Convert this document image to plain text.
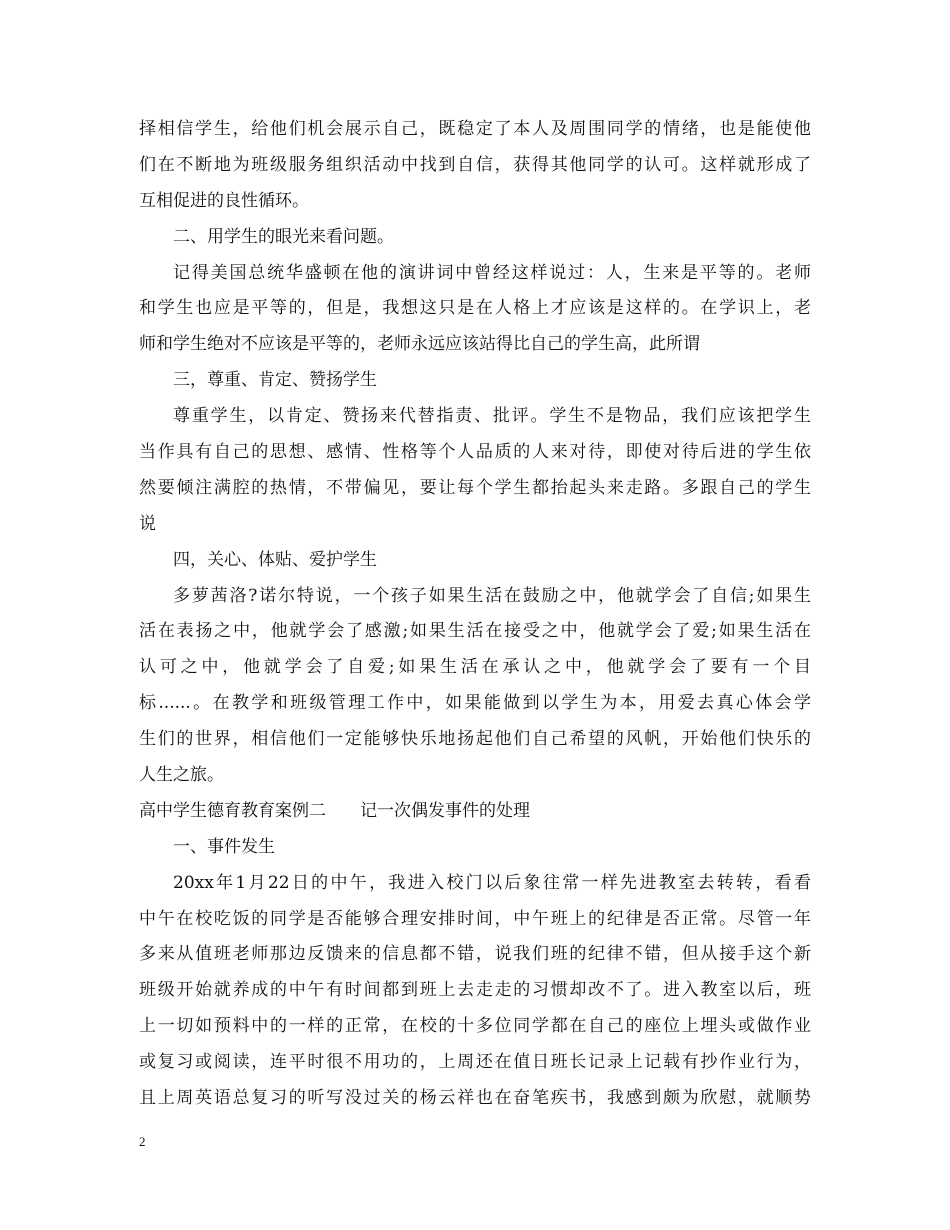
择相信学生，给他们机会展示自己，既稳定了本人及周围同学的情绪，也是能使他
们在不断地为班级服务组织活动中找到自信，获得其他同学的认可。这样就形成了
互相促进的良性循环。
二、用学生的眼光来看问题。
记得美国总统华盛顿在他的演讲词中曾经这样说过：人，生来是平等的。老师
和学生也应是平等的，但是，我想这只是在人格上才应该是这样的。在学识上，老
师和学生绝对不应该是平等的，老师永远应该站得比自己的学生高，此所谓
三，尊重、肯定、赞扬学生
尊重学生，以肯定、赞扬来代替指责、批评。学生不是物品，我们应该把学生
当作具有自己的思想、感情、性格等个人品质的人来对待，即使对待后进的学生依
然要倾注满腔的热情，不带偏见，要让每个学生都抬起头来走路。多跟自己的学生
说
四，关心、体贴、爱护学生
多萝茜洛?诺尔特说，一个孩子如果生活在鼓励之中，他就学会了自信;如果生
活在表扬之中，他就学会了感激;如果生活在接受之中，他就学会了爱;如果生活在
认可之中，他就学会了自爱;如果生活在承认之中，他就学会了要有一个目
标......。在教学和班级管理工作中，如果能做到以学生为本，用爱去真心体会学
生们的世界，相信他们一定能够快乐地扬起他们自己希望的风帆，开始他们快乐的
人生之旅。
高中学生德育教育案例二　　记一次偶发事件的处理
一、事件发生
20xx年1月22日的中午，我进入校门以后象往常一样先进教室去转转，看看
中午在校吃饭的同学是否能够合理安排时间，中午班上的纪律是否正常。尽管一年
多来从值班老师那边反馈来的信息都不错，说我们班的纪律不错，但从接手这个新
班级开始就养成的中午有时间都到班上去走走的习惯却改不了。进入教室以后，班
上一切如预料中的一样的正常，在校的十多位同学都在自己的座位上埋头或做作业
或复习或阅读，连平时很不用功的，上周还在值日班长记录上记载有抄作业行为，
且上周英语总复习的听写没过关的杨云祥也在奋笔疾书，我感到颇为欣慰，就顺势
2
